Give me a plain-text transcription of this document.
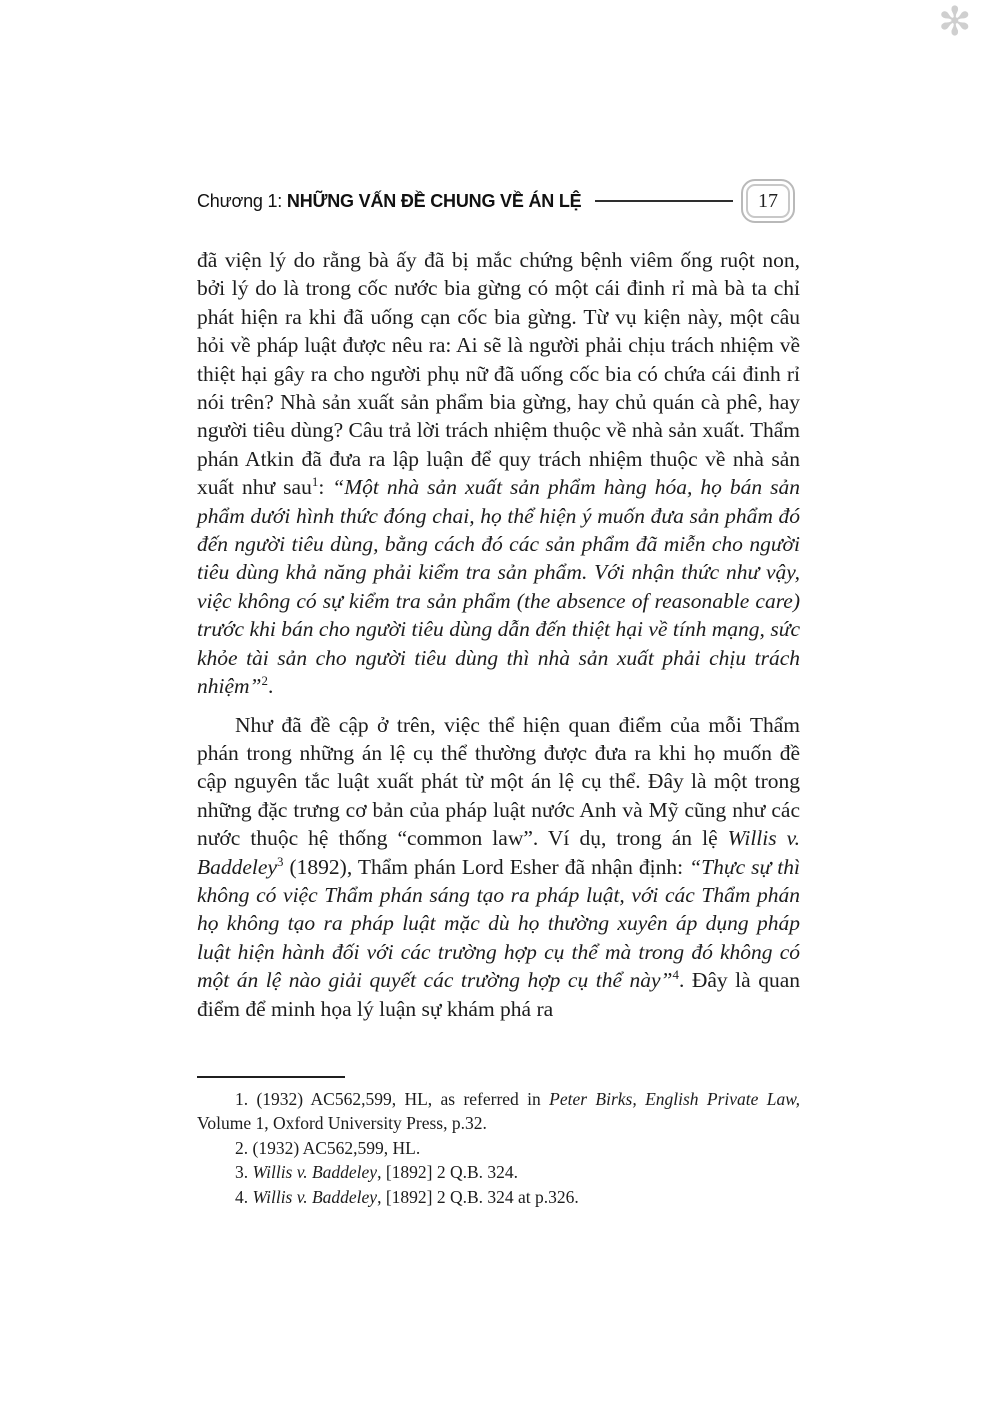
✻
Chương 1: NHỮNG VẤN ĐỀ CHUNG VỀ ÁN LỆ	17

đã viện lý do rằng bà ấy đã bị mắc chứng bệnh viêm ống ruột non, bởi lý do là trong cốc nước bia gừng có một cái đinh rỉ mà bà ta chỉ phát hiện ra khi đã uống cạn cốc bia gừng. Từ vụ kiện này, một câu hỏi về pháp luật được nêu ra: Ai sẽ là người phải chịu trách nhiệm về thiệt hại gây ra cho người phụ nữ đã uống cốc bia có chứa cái đinh rỉ nói trên? Nhà sản xuất sản phẩm bia gừng, hay chủ quán cà phê, hay người tiêu dùng? Câu trả lời trách nhiệm thuộc về nhà sản xuất. Thẩm phán Atkin đã đưa ra lập luận để quy trách nhiệm thuộc về nhà sản xuất như sau$^1$: “Một nhà sản xuất sản phẩm hàng hóa, họ bán sản phẩm dưới hình thức đóng chai, họ thể hiện ý muốn đưa sản phẩm đó đến người tiêu dùng, bằng cách đó các sản phẩm đã miễn cho người tiêu dùng khả năng phải kiểm tra sản phẩm. Với nhận thức như vậy, việc không có sự kiểm tra sản phẩm (the absence of reasonable care) trước khi bán cho người tiêu dùng dẫn đến thiệt hại về tính mạng, sức khỏe tài sản cho người tiêu dùng thì nhà sản xuất phải chịu trách nhiệm”$^2$.

Như đã đề cập ở trên, việc thể hiện quan điểm của mỗi Thẩm phán trong những án lệ cụ thể thường được đưa ra khi họ muốn đề cập nguyên tắc luật xuất phát từ một án lệ cụ thể. Đây là một trong những đặc trưng cơ bản của pháp luật nước Anh và Mỹ cũng như các nước thuộc hệ thống “common law”. Ví dụ, trong án lệ Willis v. Baddeley$^3$ (1892), Thẩm phán Lord Esher đã nhận định: “Thực sự thì không có việc Thẩm phán sáng tạo ra pháp luật, với các Thẩm phán họ không tạo ra pháp luật mặc dù họ thường xuyên áp dụng pháp luật hiện hành đối với các trường hợp cụ thể mà trong đó không có một án lệ nào giải quyết các trường hợp cụ thể này”$^4$. Đây là quan điểm để minh họa lý luận sự khám phá ra

1. (1932) AC562,599, HL, as referred in Peter Birks, English Private Law, Volume 1, Oxford University Press, p.32.

2. (1932) AC562,599, HL.

3. Willis v. Baddeley, [1892] 2 Q.B. 324.

4. Willis v. Baddeley, [1892] 2 Q.B. 324 at p.326.
